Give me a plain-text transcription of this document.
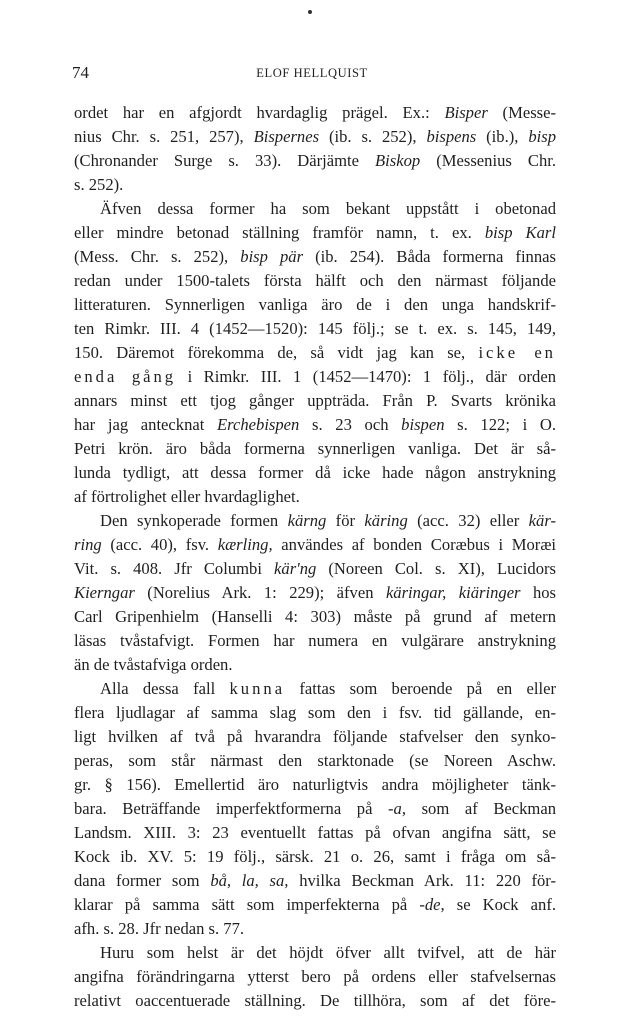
74	ELOF HELLQUIST
ordet har en afgjordt hvardaglig prägel. Ex.: Bisper (Messe-
nius Chr. s. 251, 257), Bispernes (ib. s. 252), bispens (ib.), bisp
(Chronander Surge s. 33). Därjämte Biskop (Messenius Chr.
s. 252).
Äfven dessa former ha som bekant uppstått i obetonad
eller mindre betonad ställning framför namn, t. ex. bisp Karl
(Mess. Chr. s. 252), bisp pär (ib. 254). Båda formerna finnas
redan under 1500-talets första hälft och den närmast följande
litteraturen. Synnerligen vanliga äro de i den unga handskrif-
ten Rimkr. III. 4 (1452—1520): 145 följ.; se t. ex. s. 145, 149,
150. Däremot förekomma de, så vidt jag kan se, icke en
enda gång i Rimkr. III. 1 (1452—1470): 1 följ., där orden
annars minst ett tjog gånger uppträda. Från P. Svarts krönika
har jag antecknat Erchebispen s. 23 och bispen s. 122; i O.
Petri krön. äro båda formerna synnerligen vanliga. Det är så-
lunda tydligt, att dessa former då icke hade någon anstrykning
af förtrolighet eller hvardaglighet.
Den synkoperade formen kärng för käring (acc. 32) eller kär-
ring (acc. 40), fsv. kærling, användes af bonden Coræbus i Moræi
Vit. s. 408. Jfr Columbi kär'ng (Noreen Col. s. XI), Lucidors
Kierngar (Norelius Ark. 1: 229); äfven käringar, kiäringer hos
Carl Gripenhielm (Hanselli 4: 303) måste på grund af metern
läsas tvåstafvigt. Formen har numera en vulgärare anstrykning
än de tvåstafviga orden.
Alla dessa fall kunna fattas som beroende på en eller
flera ljudlagar af samma slag som den i fsv. tid gällande, en-
ligt hvilken af två på hvarandra följande stafvelser den synko-
peras, som står närmast den starktonade (se Noreen Aschw.
gr. § 156). Emellertid äro naturligtvis andra möjligheter tänk-
bara. Beträffande imperfektformerna på -a, som af Beckman
Landsm. XIII. 3: 23 eventuellt fattas på ofvan angifna sätt, se
Kock ib. XV. 5: 19 följ., särsk. 21 o. 26, samt i fråga om så-
dana former som bå, la, sa, hvilka Beckman Ark. 11: 220 för-
klarar på samma sätt som imperfekterna på -de, se Kock anf.
afh. s. 28. Jfr nedan s. 77.
Huru som helst är det höjdt öfver allt tvifvel, att de här
angifna förändringarna ytterst bero på ordens eller stafvelsernas
relativt oaccentuerade ställning. De tillhöra, som af det före-
